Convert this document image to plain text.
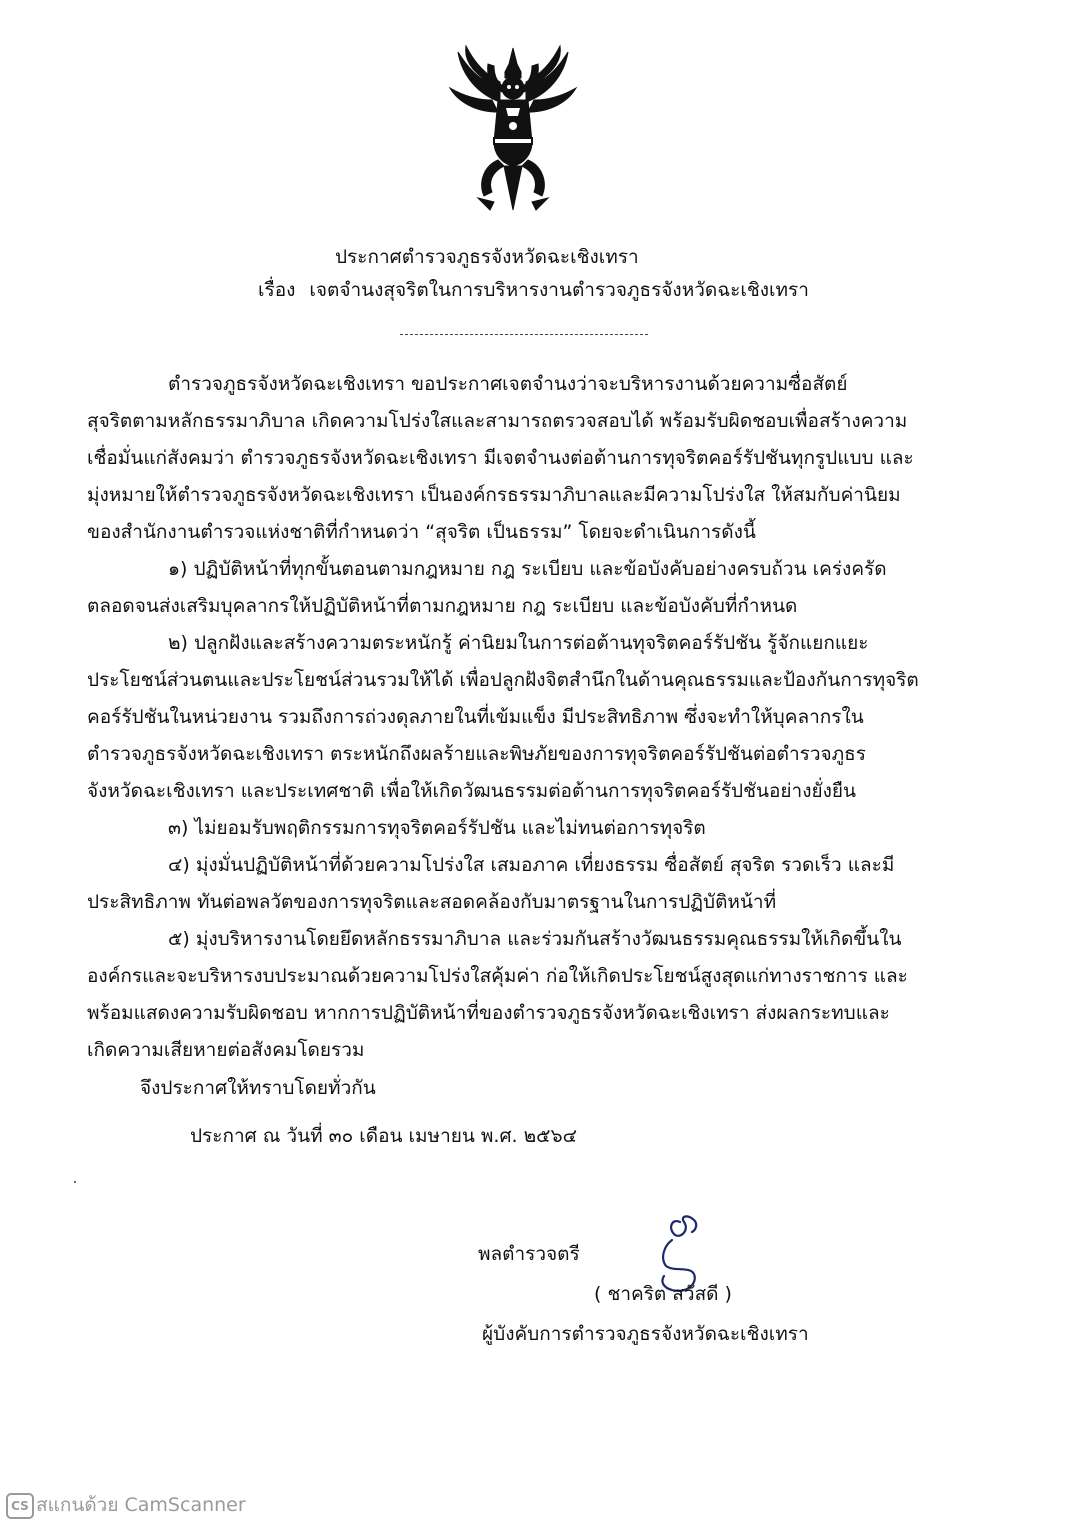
ประกาศตำรวจภูธรจังหวัดฉะเชิงเทรา
เรื่อง เจตจำนงสุจริตในการบริหารงานตำรวจภูธรจังหวัดฉะเชิงเทรา
ตำรวจภูธรจังหวัดฉะเชิงเทรา ขอประกาศเจตจำนงว่าจะบริหารงานด้วยความซื่อสัตย์
สุจริตตามหลักธรรมาภิบาล เกิดความโปร่งใสและสามารถตรวจสอบได้ พร้อมรับผิดชอบเพื่อสร้างความ
เชื่อมั่นแก่สังคมว่า ตำรวจภูธรจังหวัดฉะเชิงเทรา มีเจตจำนงต่อต้านการทุจริตคอร์รัปชันทุกรูปแบบ และ
มุ่งหมายให้ตำรวจภูธรจังหวัดฉะเชิงเทรา เป็นองค์กรธรรมาภิบาลและมีความโปร่งใส ให้สมกับค่านิยม
ของสำนักงานตำรวจแห่งชาติที่กำหนดว่า “สุจริต เป็นธรรม” โดยจะดำเนินการดังนี้
๑) ปฏิบัติหน้าที่ทุกขั้นตอนตามกฎหมาย กฎ ระเบียบ และข้อบังคับอย่างครบถ้วน เคร่งครัด
ตลอดจนส่งเสริมบุคลากรให้ปฏิบัติหน้าที่ตามกฎหมาย กฎ ระเบียบ และข้อบังคับที่กำหนด
๒) ปลูกฝังและสร้างความตระหนักรู้ ค่านิยมในการต่อต้านทุจริตคอร์รัปชัน รู้จักแยกแยะ
ประโยชน์ส่วนตนและประโยชน์ส่วนรวมให้ได้ เพื่อปลูกฝังจิตสำนึกในด้านคุณธรรมและป้องกันการทุจริต
คอร์รัปชันในหน่วยงาน รวมถึงการถ่วงดุลภายในที่เข้มแข็ง มีประสิทธิภาพ ซึ่งจะทำให้บุคลากรใน
ตำรวจภูธรจังหวัดฉะเชิงเทรา ตระหนักถึงผลร้ายและพิษภัยของการทุจริตคอร์รัปชันต่อตำรวจภูธร
จังหวัดฉะเชิงเทรา และประเทศชาติ เพื่อให้เกิดวัฒนธรรมต่อต้านการทุจริตคอร์รัปชันอย่างยั่งยืน
๓) ไม่ยอมรับพฤติกรรมการทุจริตคอร์รัปชัน และไม่ทนต่อการทุจริต
๔) มุ่งมั่นปฏิบัติหน้าที่ด้วยความโปร่งใส เสมอภาค เที่ยงธรรม ซื่อสัตย์ สุจริต รวดเร็ว และมี
ประสิทธิภาพ ทันต่อพลวัตของการทุจริตและสอดคล้องกับมาตรฐานในการปฏิบัติหน้าที่
๕) มุ่งบริหารงานโดยยึดหลักธรรมาภิบาล และร่วมกันสร้างวัฒนธรรมคุณธรรมให้เกิดขึ้นใน
องค์กรและจะบริหารงบประมาณด้วยความโปร่งใสคุ้มค่า ก่อให้เกิดประโยชน์สูงสุดแก่ทางราชการ และ
พร้อมแสดงความรับผิดชอบ หากการปฏิบัติหน้าที่ของตำรวจภูธรจังหวัดฉะเชิงเทรา ส่งผลกระทบและ
เกิดความเสียหายต่อสังคมโดยรวม
จึงประกาศให้ทราบโดยทั่วกัน
ประกาศ ณ วันที่ ๓๐ เดือน เมษายน พ.ศ. ๒๕๖๔
พลตำรวจตรี
( ชาคริต สวัสดี )
ผู้บังคับการตำรวจภูธรจังหวัดฉะเชิงเทรา
CS สแกนด้วย CamScanner
